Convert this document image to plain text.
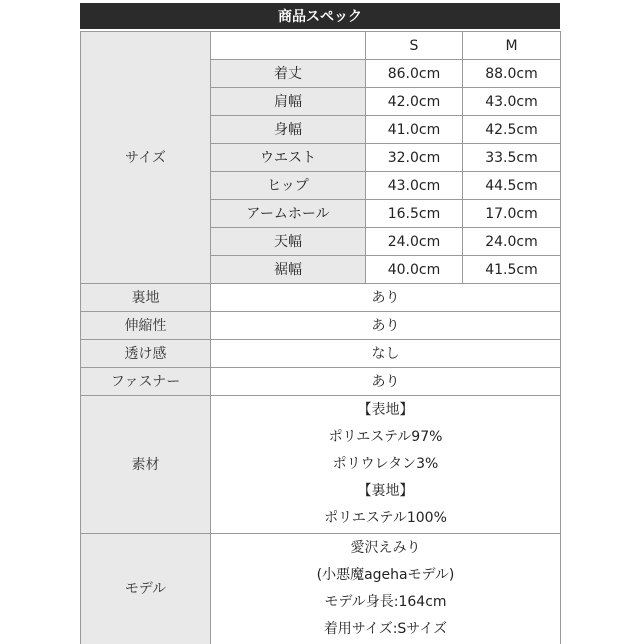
商品スペック
サイズ		S	M
	着丈	86.0cm	88.0cm
	肩幅	42.0cm	43.0cm
	身幅	41.0cm	42.5cm
	ウエスト	32.0cm	33.5cm
	ヒップ	43.0cm	44.5cm
	アームホール	16.5cm	17.0cm
	天幅	24.0cm	24.0cm
	裾幅	40.0cm	41.5cm
裏地	あり		
伸縮性	あり		
透け感	なし		
ファスナー	あり		
素材	【表地】
ポリエステル97%
ポリウレタン3%
【裏地】
ポリエステル100%		

モデル	愛沢えみり
(小悪魔agehaモデル)
モデル身長:164cm
着用サイズ:Sサイズ		
